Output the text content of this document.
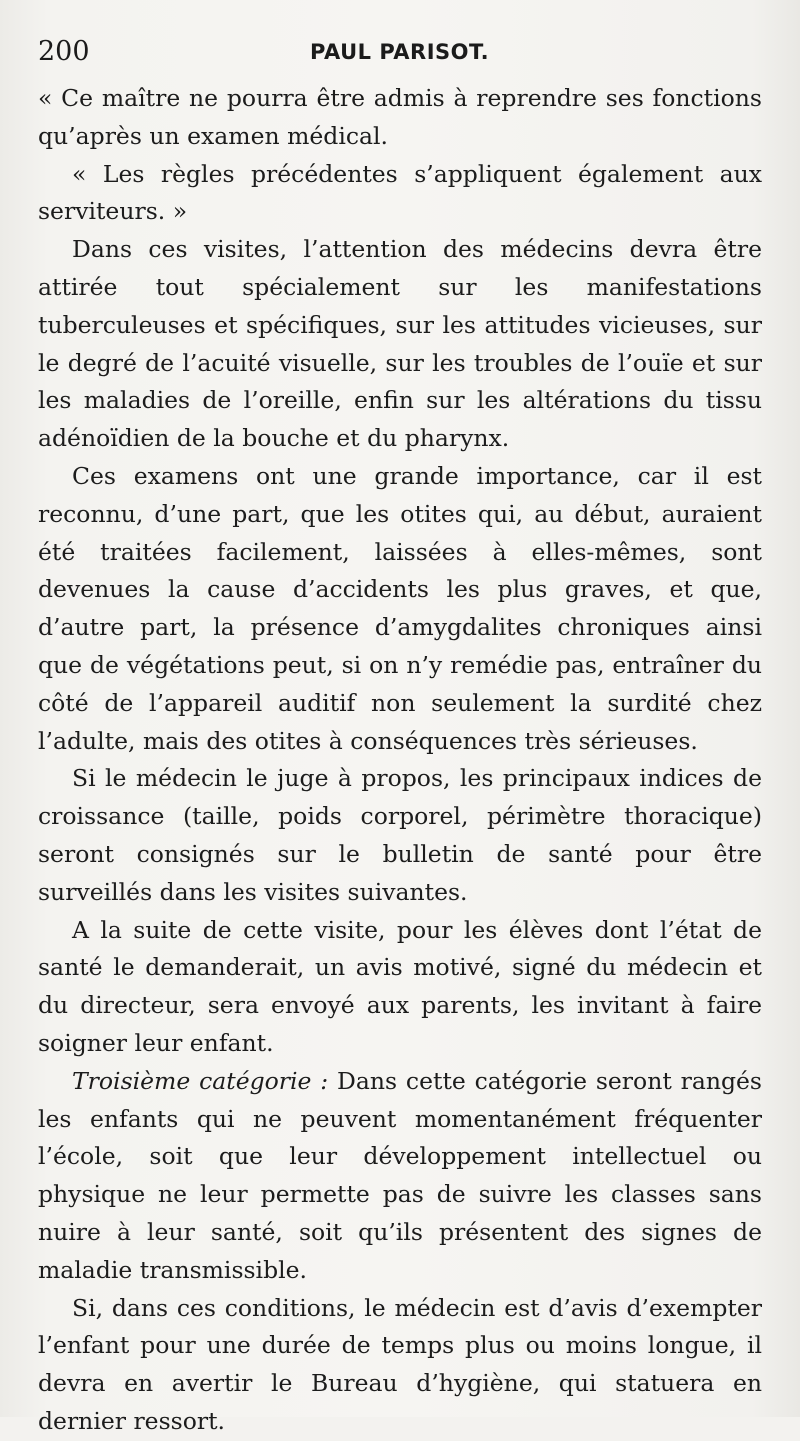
200	PAUL PARISOT.

« Ce maître ne pourra être admis à reprendre ses fonctions qu’après un examen médical.

« Les règles précédentes s’appliquent également aux serviteurs. »

Dans ces visites, l’attention des médecins devra être attirée tout spécialement sur les manifestations tuberculeuses et spécifiques, sur les attitudes vicieuses, sur le degré de l’acuité visuelle, sur les troubles de l’ouïe et sur les maladies de l’oreille, enfin sur les altérations du tissu adénoïdien de la bouche et du pharynx.

Ces examens ont une grande importance, car il est reconnu, d’une part, que les otites qui, au début, auraient été traitées facilement, laissées à elles-mêmes, sont devenues la cause d’accidents les plus graves, et que, d’autre part, la présence d’amygdalites chroniques ainsi que de végétations peut, si on n’y remédie pas, entraîner du côté de l’appareil auditif non seulement la surdité chez l’adulte, mais des otites à conséquences très sérieuses.

Si le médecin le juge à propos, les principaux indices de croissance (taille, poids corporel, périmètre thoracique) seront consignés sur le bulletin de santé pour être surveillés dans les visites suivantes.

A la suite de cette visite, pour les élèves dont l’état de santé le demanderait, un avis motivé, signé du médecin et du directeur, sera envoyé aux parents, les invitant à faire soigner leur enfant.

Troisième catégorie : Dans cette catégorie seront rangés les enfants qui ne peuvent momentanément fréquenter l’école, soit que leur développement intellectuel ou physique ne leur permette pas de suivre les classes sans nuire à leur santé, soit qu’ils présentent des signes de maladie transmissible.

Si, dans ces conditions, le médecin est d’avis d’exempter l’enfant pour une durée de temps plus ou moins longue, il devra en avertir le Bureau d’hygiène, qui statuera en dernier ressort.
